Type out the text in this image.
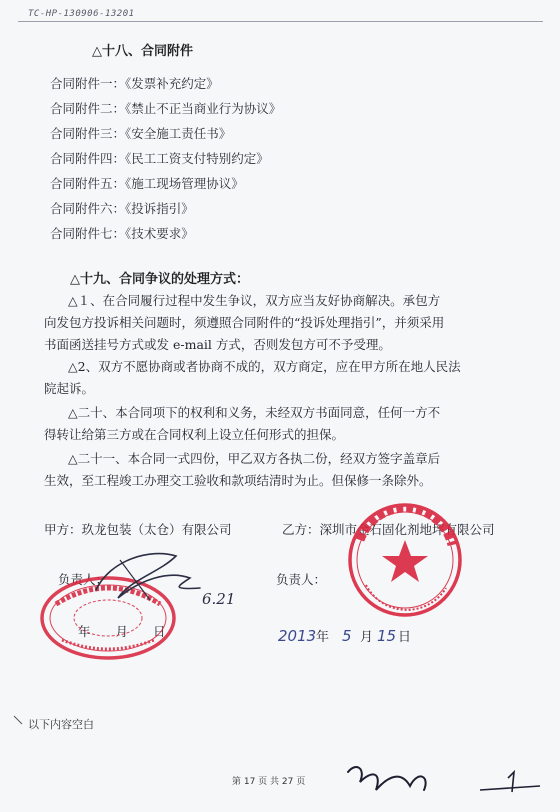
TC-HP-130906-13201
△十八、合同附件
合同附件一：《发票补充约定》
合同附件二：《禁止不正当商业行为协议》
合同附件三：《安全施工责任书》
合同附件四：《民工工资支付特别约定》
合同附件五：《施工现场管理协议》
合同附件六：《投诉指引》
合同附件七：《技术要求》
△十九、合同争议的处理方式：
△１、在合同履行过程中发生争议，双方应当友好协商解决。承包方
向发包方投诉相关问题时，须遵照合同附件的“投诉处理指引”，并须采用
书面函送挂号方式或发 e-mail 方式，否则发包方可不予受理。
△2、双方不愿协商或者协商不成的，双方商定，应在甲方所在地人民法
院起诉。
△二十、本合同项下的权利和义务，未经双方书面同意，任何一方不
得转让给第三方或在合同权利上设立任何形式的担保。
△二十一、本合同一式四份，甲乙双方各执二份，经双方签字盖章后
生效，至工程竣工办理交工验收和款项结清时为止。但保修一条除外。
甲方：玖龙包装（太仓）有限公司	乙方：深圳市金石固化剂地坪有限公司
负责人：	负责人：
年　　月　　日
6.21
2013 年 5 月 15 日
以下内容空白
第 17 页 共 27 页
